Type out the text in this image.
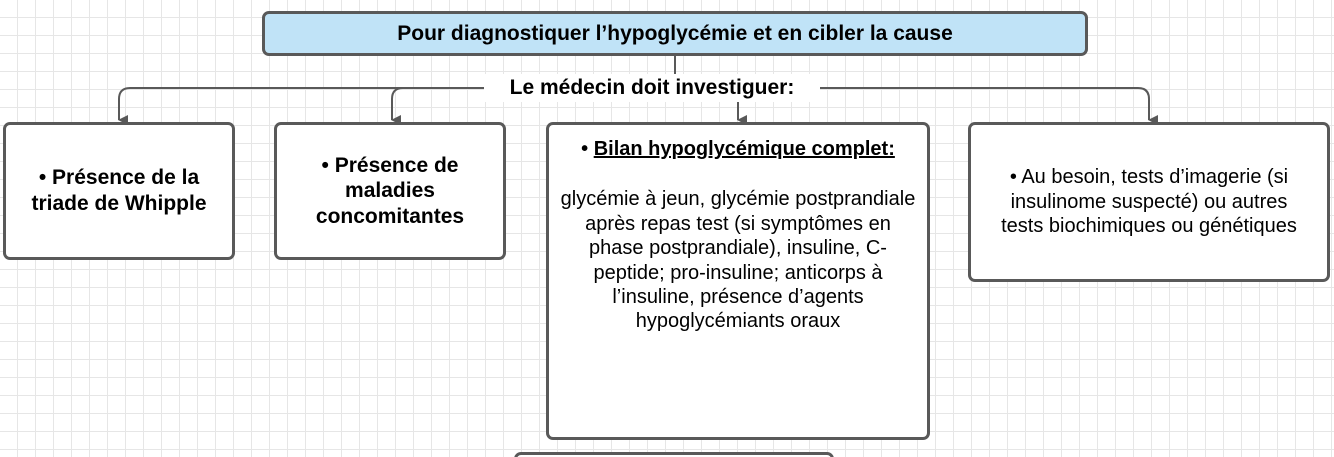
Pour diagnostiquer l’hypoglycémie et en cibler la cause
Le médecin doit investiguer:
• Présence de la triade de Whipple
• Présence de maladies concomitantes
• Bilan hypoglycémique complet:
glycémie à jeun, glycémie postprandiale après repas test (si symptômes en phase postprandiale), insuline, C-peptide; pro-insuline; anticorps à l’insuline, présence d’agents hypoglycémiants oraux
• Au besoin, tests d’imagerie (si insulinome suspecté) ou autres tests biochimiques ou génétiques
